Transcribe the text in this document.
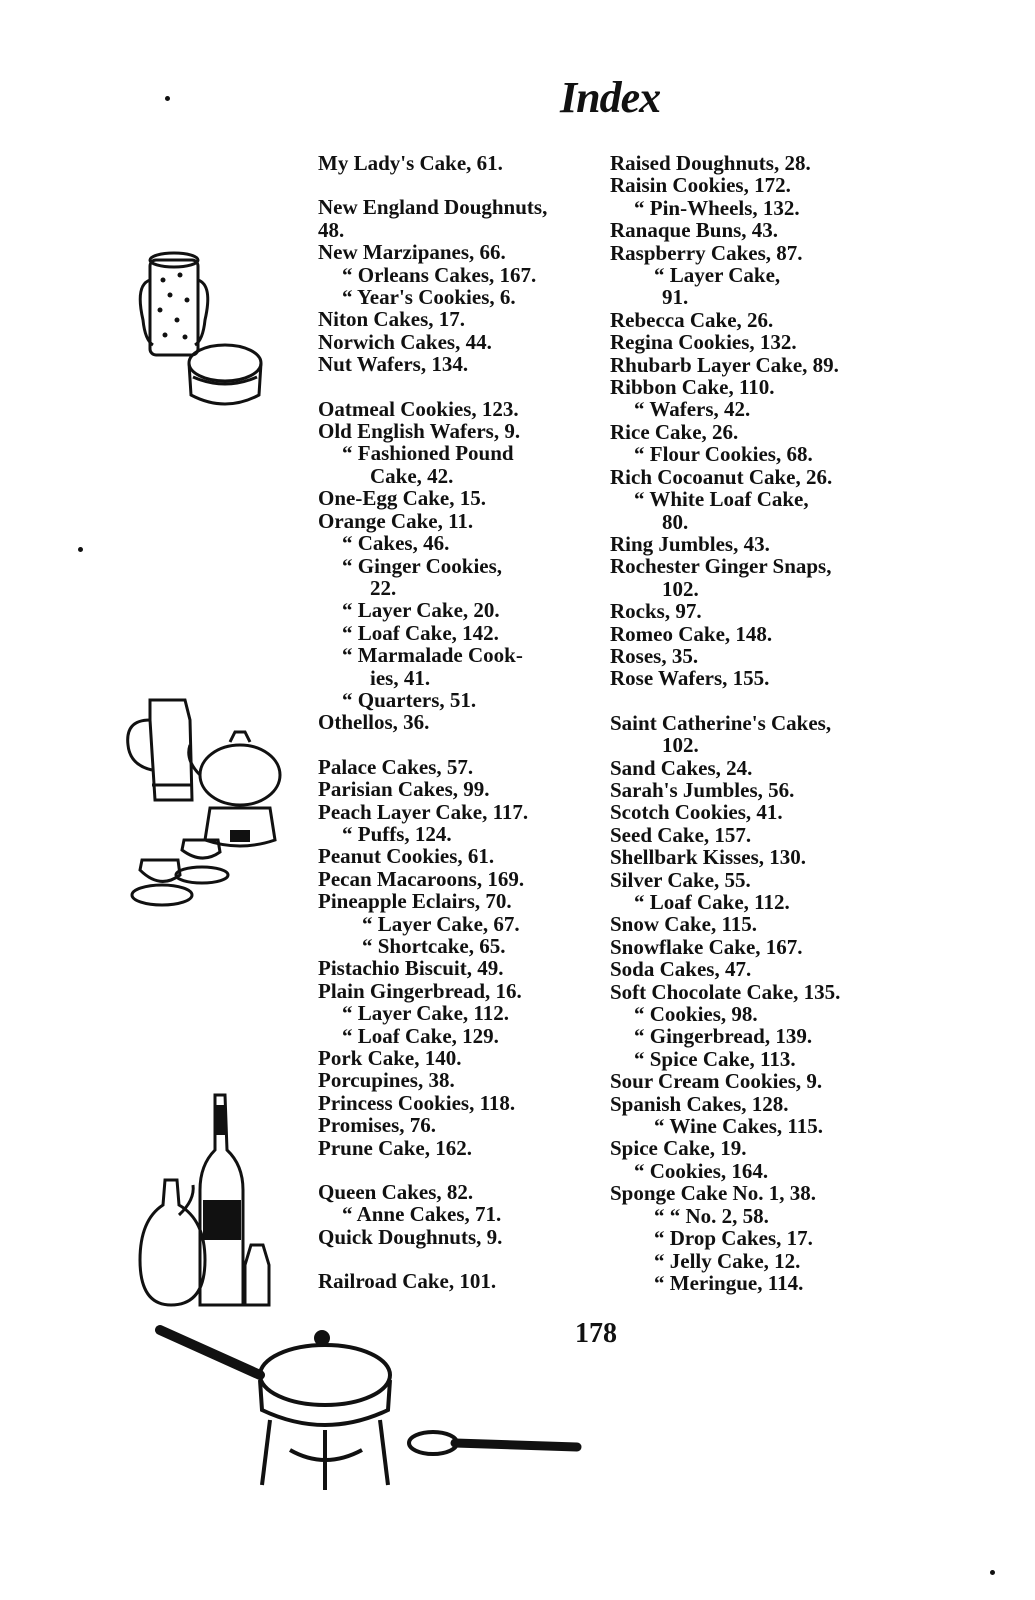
Index
My Lady's Cake, 61.
New England Doughnuts,
48.
New Marzipanes, 66.
“ Orleans Cakes, 167.
“ Year's Cookies, 6.
Niton Cakes, 17.
Norwich Cakes, 44.
Nut Wafers, 134.
Oatmeal Cookies, 123.
Old English Wafers, 9.
“ Fashioned Pound
Cake, 42.
One-Egg Cake, 15.
Orange Cake, 11.
“ Cakes, 46.
“ Ginger Cookies,
22.
“ Layer Cake, 20.
“ Loaf Cake, 142.
“ Marmalade Cook-
ies, 41.
“ Quarters, 51.
Othellos, 36.
Palace Cakes, 57.
Parisian Cakes, 99.
Peach Layer Cake, 117.
“ Puffs, 124.
Peanut Cookies, 61.
Pecan Macaroons, 169.
Pineapple Eclairs, 70.
“ Layer Cake, 67.
“ Shortcake, 65.
Pistachio Biscuit, 49.
Plain Gingerbread, 16.
“ Layer Cake, 112.
“ Loaf Cake, 129.
Pork Cake, 140.
Porcupines, 38.
Princess Cookies, 118.
Promises, 76.
Prune Cake, 162.
Queen Cakes, 82.
“ Anne Cakes, 71.
Quick Doughnuts, 9.
Railroad Cake, 101.
Raised Doughnuts, 28.
Raisin Cookies, 172.
“ Pin-Wheels, 132.
Ranaque Buns, 43.
Raspberry Cakes, 87.
“ Layer Cake,
91.
Rebecca Cake, 26.
Regina Cookies, 132.
Rhubarb Layer Cake, 89.
Ribbon Cake, 110.
“ Wafers, 42.
Rice Cake, 26.
“ Flour Cookies, 68.
Rich Cocoanut Cake, 26.
“ White Loaf Cake,
80.
Ring Jumbles, 43.
Rochester Ginger Snaps,
102.
Rocks, 97.
Romeo Cake, 148.
Roses, 35.
Rose Wafers, 155.
Saint Catherine's Cakes,
102.
Sand Cakes, 24.
Sarah's Jumbles, 56.
Scotch Cookies, 41.
Seed Cake, 157.
Shellbark Kisses, 130.
Silver Cake, 55.
“ Loaf Cake, 112.
Snow Cake, 115.
Snowflake Cake, 167.
Soda Cakes, 47.
Soft Chocolate Cake, 135.
“ Cookies, 98.
“ Gingerbread, 139.
“ Spice Cake, 113.
Sour Cream Cookies, 9.
Spanish Cakes, 128.
“ Wine Cakes, 115.
Spice Cake, 19.
“ Cookies, 164.
Sponge Cake No. 1, 38.
“ “ No. 2, 58.
“ Drop Cakes, 17.
“ Jelly Cake, 12.
“ Meringue, 114.
178
